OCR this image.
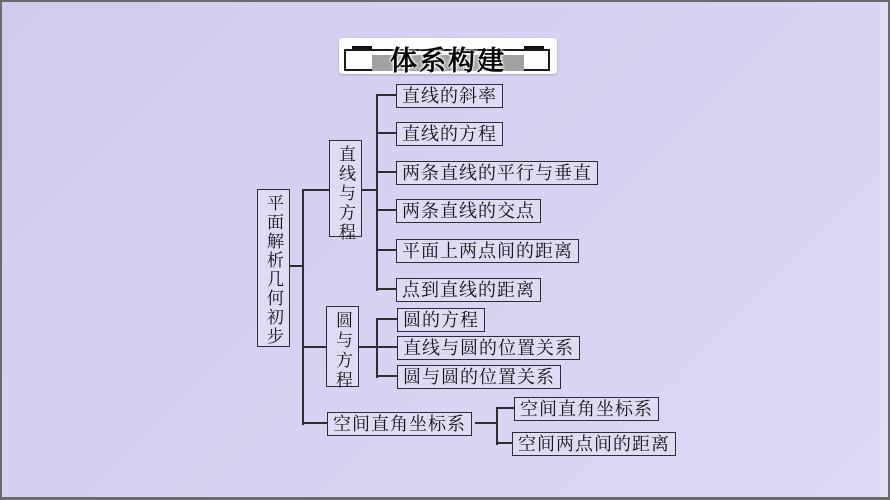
体系构建
平面解析几何初步
直线与方程
直线的斜率
直线的方程
两条直线的平行与垂直
两条直线的交点
平面上两点间的距离
点到直线的距离
圆与方程	圆的方程
直线与圆的位置关系
圆与圆的位置关系
空间直角坐标系
空间直角坐标系
空间两点间的距离
